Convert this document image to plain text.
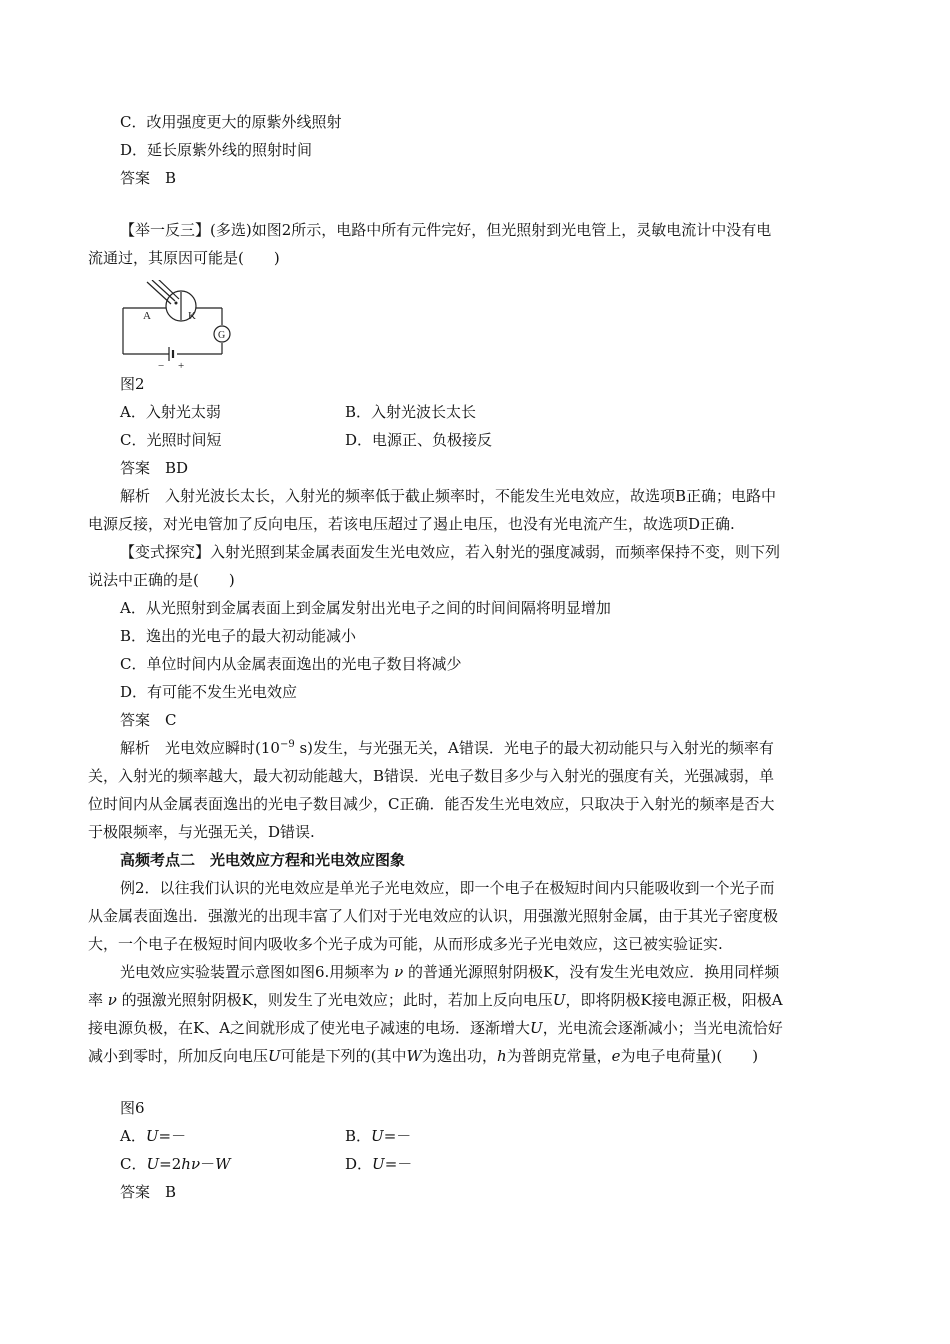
C．改用强度更大的原紫外线照射
D．延长原紫外线的照射时间
答案　B
【举一反三】(多选)如图2所示，电路中所有元件完好，但光照射到光电管上，灵敏电流计中没有电
流通过，其原因可能是(　　)
A	K
G
− +
图2
A．入射光太弱	B．入射光波长太长
C．光照时间短	D．电源正、负极接反
答案　BD
解析　入射光波长太长，入射光的频率低于截止频率时，不能发生光电效应，故选项B正确；电路中
电源反接，对光电管加了反向电压，若该电压超过了遏止电压，也没有光电流产生，故选项D正确.
【变式探究】入射光照到某金属表面发生光电效应，若入射光的强度减弱，而频率保持不变，则下列
说法中正确的是(　　)
A．从光照射到金属表面上到金属发射出光电子之间的时间间隔将明显增加
B．逸出的光电子的最大初动能减小
C．单位时间内从金属表面逸出的光电子数目将减少
D．有可能不发生光电效应
答案　C
解析　光电效应瞬时($10^{-9}$ s)发生，与光强无关，A错误．光电子的最大初动能只与入射光的频率有
关，入射光的频率越大，最大初动能越大，B错误．光电子数目多少与入射光的强度有关，光强减弱，单
位时间内从金属表面逸出的光电子数目减少，C正确．能否发生光电效应，只取决于入射光的频率是否大
于极限频率，与光强无关，D错误.
高频考点二　光电效应方程和光电效应图象
例2．以往我们认识的光电效应是单光子光电效应，即一个电子在极短时间内只能吸收到一个光子而
从金属表面逸出．强激光的出现丰富了人们对于光电效应的认识，用强激光照射金属，由于其光子密度极
大，一个电子在极短时间内吸收多个光子成为可能，从而形成多光子光电效应，这已被实验证实.
光电效应实验装置示意图如图6.用频率为 ν 的普通光源照射阴极K，没有发生光电效应．换用同样频
率 ν 的强激光照射阴极K，则发生了光电效应；此时，若加上反向电压U，即将阴极K接电源正极，阳极A
接电源负极，在K、A之间就形成了使光电子减速的电场．逐渐增大U，光电流会逐渐减小；当光电流恰好
减小到零时，所加反向电压U可能是下列的(其中W为逸出功，h为普朗克常量，e为电子电荷量)(　　)
图6
A．U=－	B．U=－
C．U=2hν－W	D．U=－
答案　B
